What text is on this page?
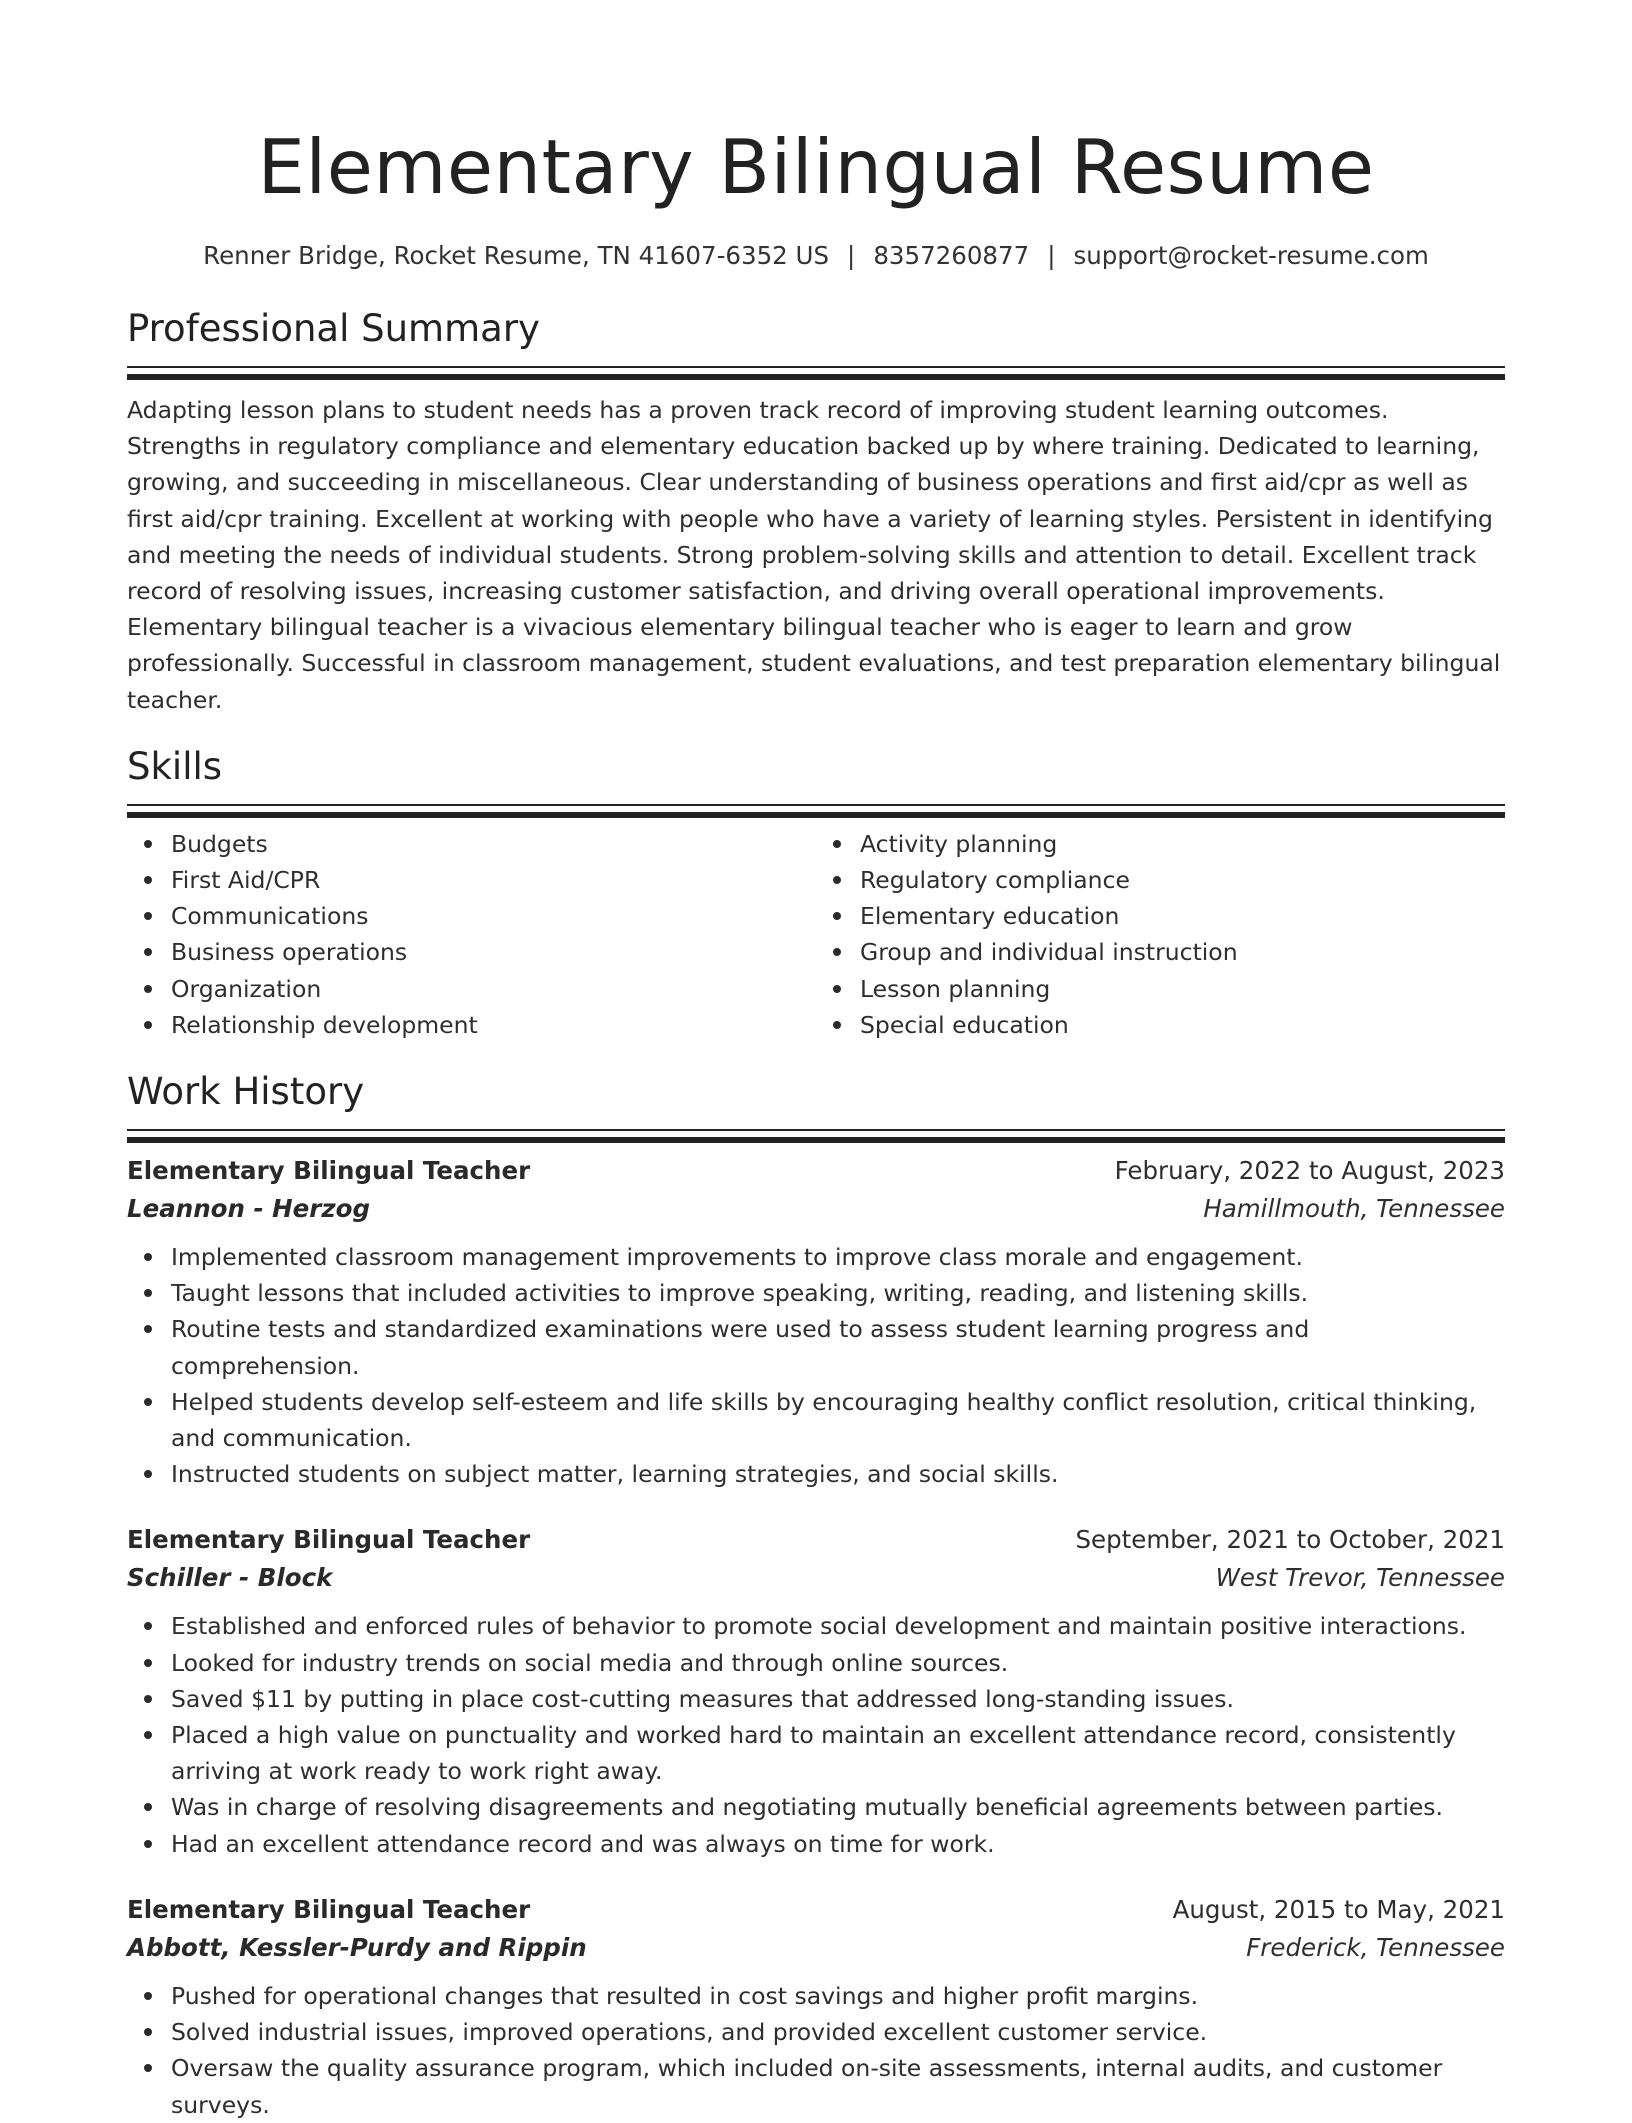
Elementary Bilingual Resume
Renner Bridge, Rocket Resume, TN 41607-6352 US | 8357260877 | support@rocket-resume.com
Professional Summary

Adapting lesson plans to student needs has a proven track record of improving student learning outcomes. Strengths in regulatory compliance and elementary education backed up by where training. Dedicated to learning, growing, and succeeding in miscellaneous. Clear understanding of business operations and first aid/cpr as well as first aid/cpr training. Excellent at working with people who have a variety of learning styles. Persistent in identifying and meeting the needs of individual students. Strong problem-solving skills and attention to detail. Excellent track record of resolving issues, increasing customer satisfaction, and driving overall operational improvements. Elementary bilingual teacher is a vivacious elementary bilingual teacher who is eager to learn and grow professionally. Successful in classroom management, student evaluations, and test preparation elementary bilingual teacher.

Skills
Budgets
First Aid/CPR
Communications
Business operations
Organization
Relationship development
Activity planning
Regulatory compliance
Elementary education
Group and individual instruction
Lesson planning
Special education
Work History
Elementary Bilingual Teacher	February, 2022 to August, 2023
Leannon - Herzog	Hamillmouth, Tennessee
Implemented classroom management improvements to improve class morale and engagement.
Taught lessons that included activities to improve speaking, writing, reading, and listening skills.
Routine tests and standardized examinations were used to assess student learning progress and comprehension.
Helped students develop self-esteem and life skills by encouraging healthy conflict resolution, critical thinking, and communication.
Instructed students on subject matter, learning strategies, and social skills.
Elementary Bilingual Teacher	September, 2021 to October, 2021
Schiller - Block	West Trevor, Tennessee
Established and enforced rules of behavior to promote social development and maintain positive interactions.
Looked for industry trends on social media and through online sources.
Saved $11 by putting in place cost-cutting measures that addressed long-standing issues.
Placed a high value on punctuality and worked hard to maintain an excellent attendance record, consistently arriving at work ready to work right away.
Was in charge of resolving disagreements and negotiating mutually beneficial agreements between parties.
Had an excellent attendance record and was always on time for work.
Elementary Bilingual Teacher	August, 2015 to May, 2021
Abbott, Kessler-Purdy and Rippin	Frederick, Tennessee
Pushed for operational changes that resulted in cost savings and higher profit margins.
Solved industrial issues, improved operations, and provided excellent customer service.
Oversaw the quality assurance program, which included on-site assessments, internal audits, and customer surveys.
